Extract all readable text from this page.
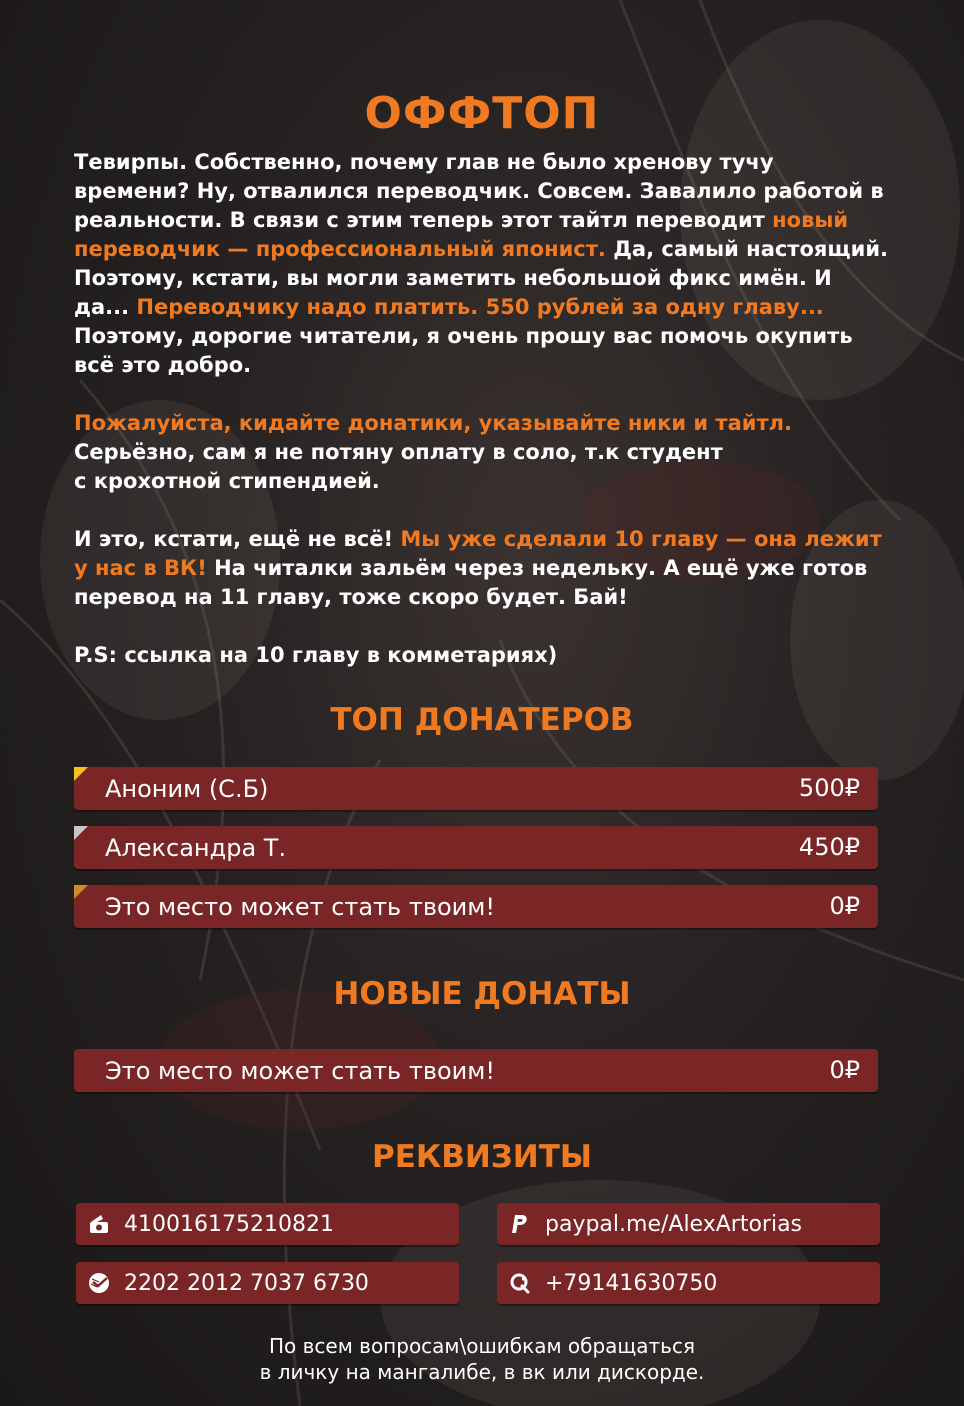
ОФФТОП

Тевирпы. Собственно, почему глав не было хренову тучу времени? Ну, отвалился переводчик. Совсем. Завалило работой в реальности. В связи с этим теперь этот тайтл переводит новый переводчик — профессиональный японист. Да, самый настоящий. Поэтому, кстати, вы могли заметить небольшой фикс имён. И да... Переводчику надо платить. 550 рублей за одну главу... Поэтому, дорогие читатели, я очень прошу вас помочь окупить всё это добро.

Пожалуйста, кидайте донатики, указывайте ники и тайтл.
Серьёзно, сам я не потяну оплату в соло, т.к студент
с крохотной стипендией.

И это, кстати, ещё не всё! Мы уже сделали 10 главу — она лежит у нас в ВК! На читалки зальём через недельку. А ещё уже готов перевод на 11 главу, тоже скоро будет. Бай!

P.S: ссылка на 10 главу в комметариях)

ТОП ДОНАТЕРОВ
Аноним (С.Б)	500₽
Александра Т.	450₽
Это место может стать твоим!	0₽
НОВЫЕ ДОНАТЫ
Это место может стать твоим!	0₽
РЕКВИЗИТЫ
410016175210821	paypal.me/AlexArtorias
2202 2012 7037 6730	+79141630750
По всем вопросам\ошибкам обращаться
в личку на мангалибе, в вк или дискорде.
